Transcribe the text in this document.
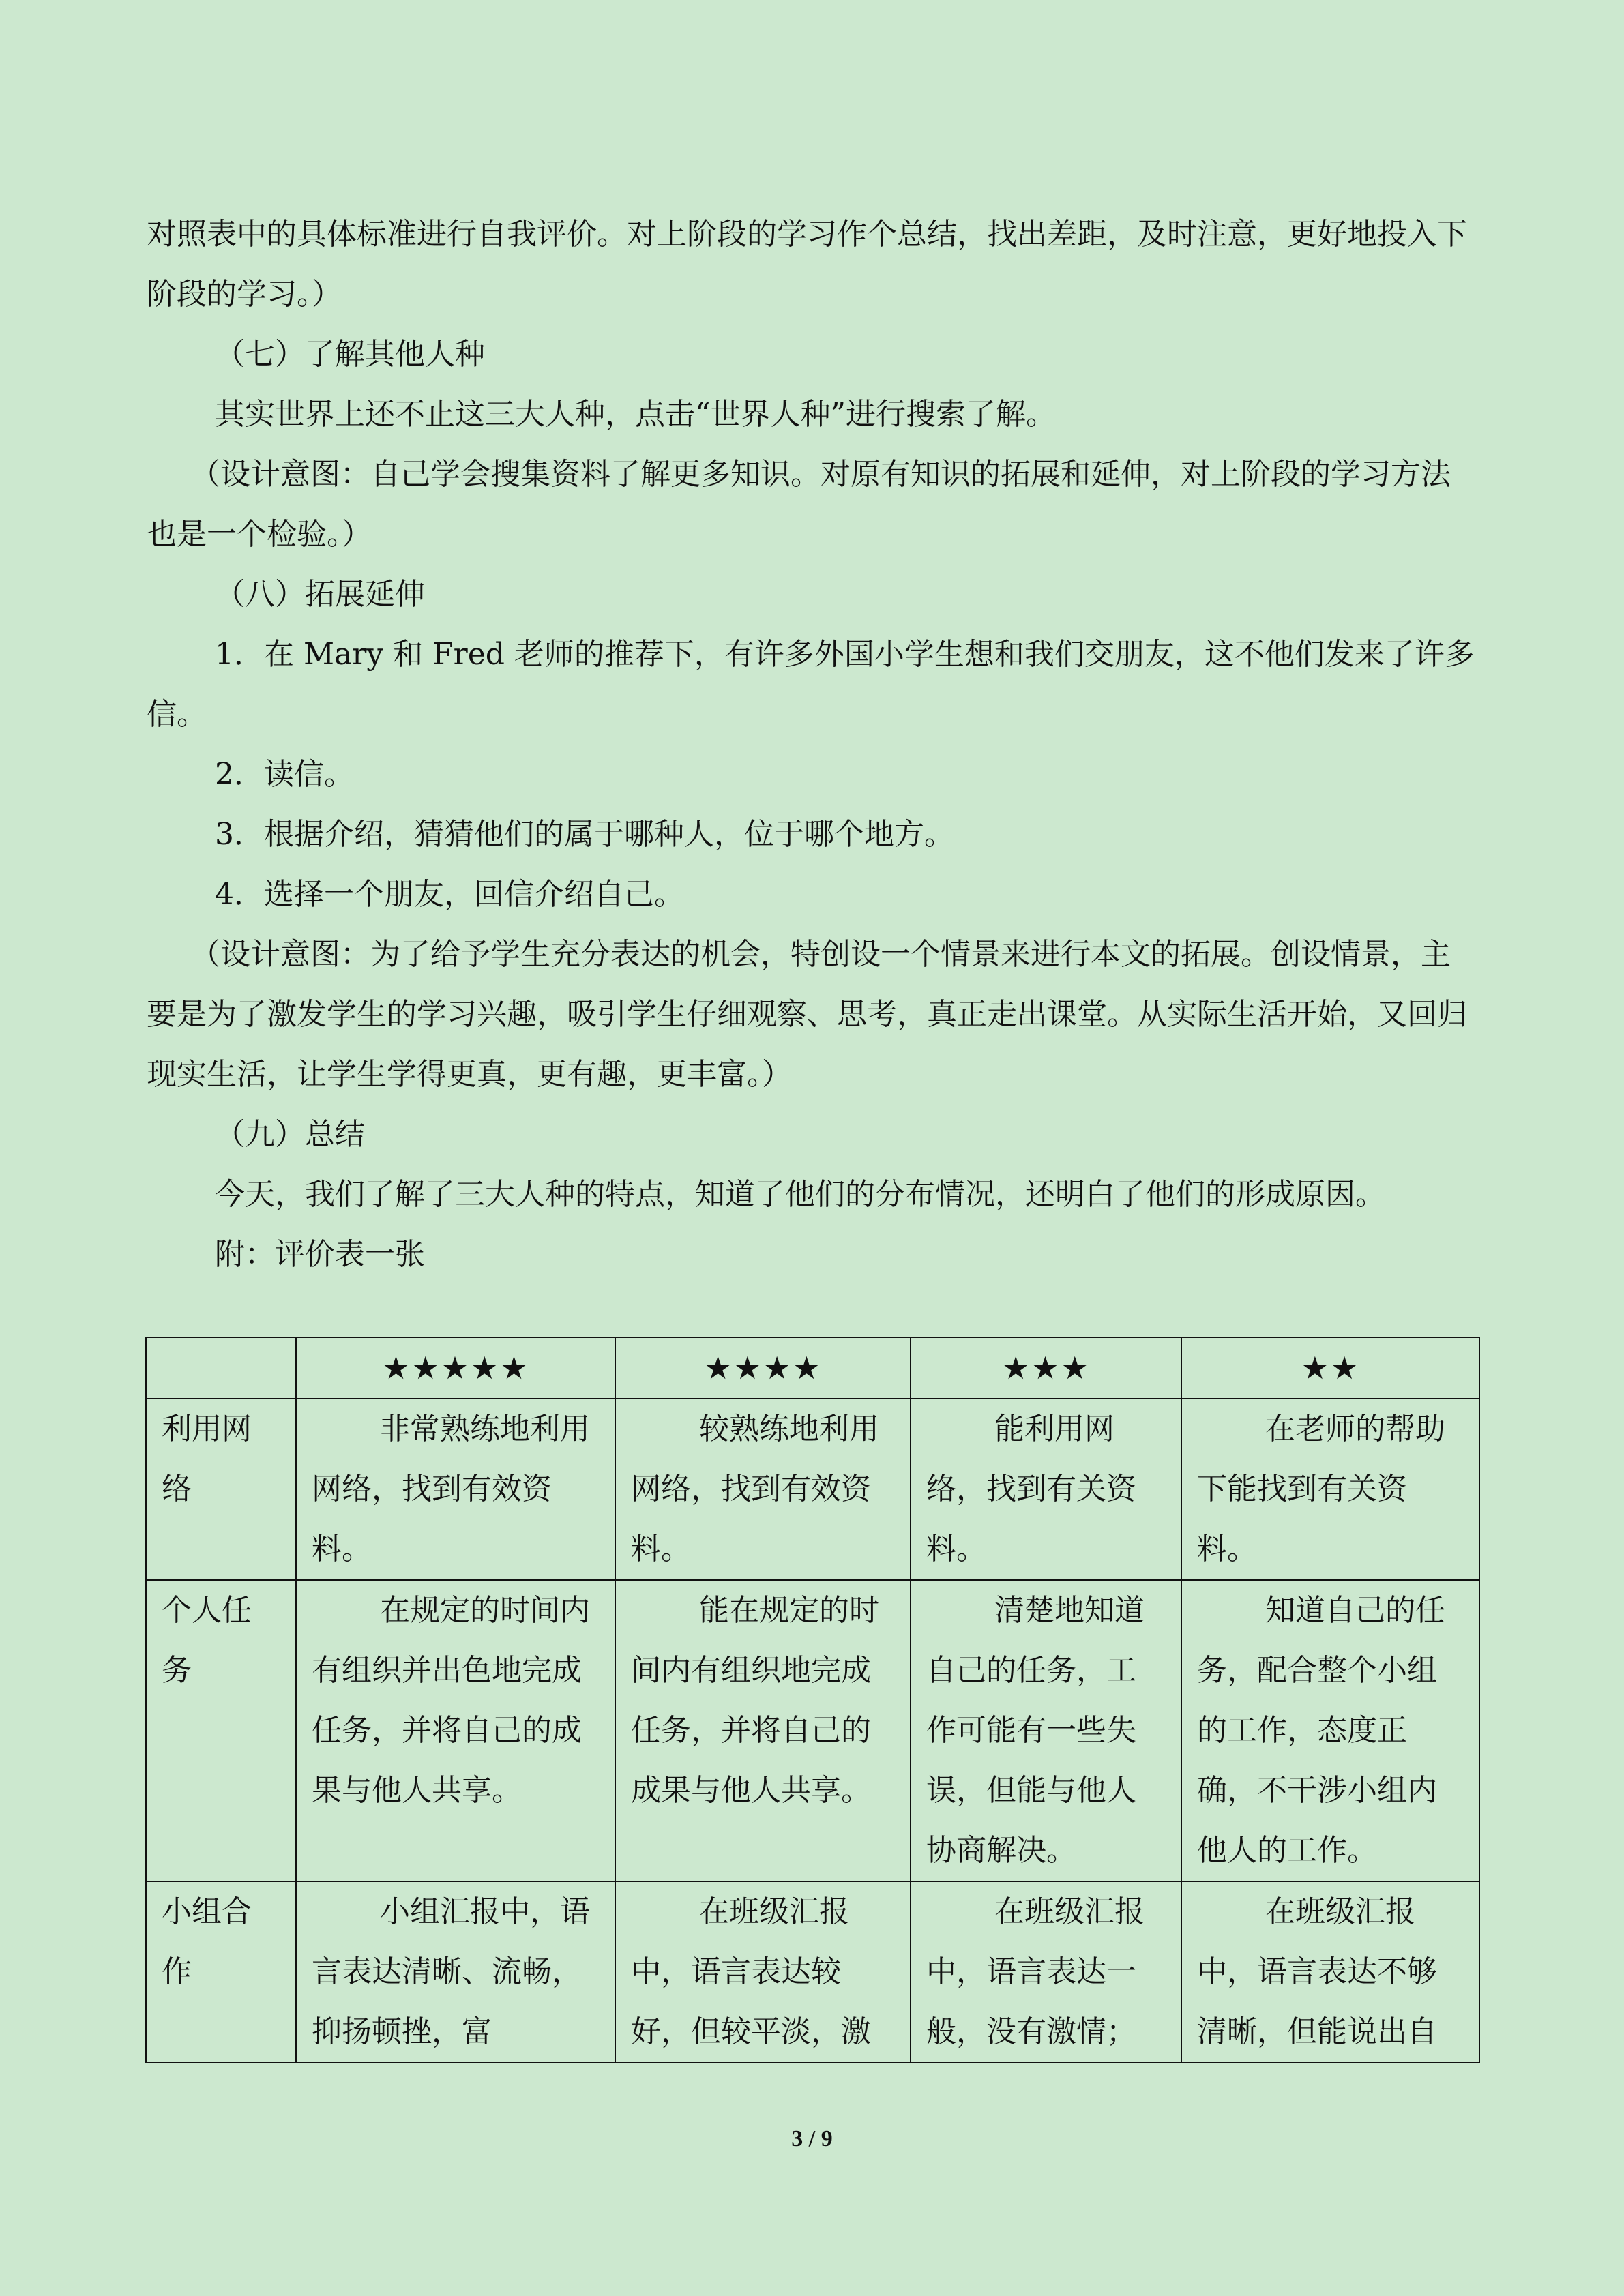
对照表中的具体标准进行自我评价。对上阶段的学习作个总结，找出差距，及时注意，更好地投入下阶段的学习。）

（七）了解其他人种

其实世界上还不止这三大人种，点击“世界人种”进行搜索了解。

（设计意图：自己学会搜集资料了解更多知识。对原有知识的拓展和延伸，对上阶段的学习方法也是一个检验。）

（八）拓展延伸

1．在 Mary 和 Fred 老师的推荐下，有许多外国小学生想和我们交朋友，这不他们发来了许多信。

2．读信。

3．根据介绍，猜猜他们的属于哪种人，位于哪个地方。

4．选择一个朋友，回信介绍自己。

（设计意图：为了给予学生充分表达的机会，特创设一个情景来进行本文的拓展。创设情景，主要是为了激发学生的学习兴趣，吸引学生仔细观察、思考，真正走出课堂。从实际生活开始，又回归现实生活，让学生学得更真，更有趣，更丰富。）

（九）总结

今天，我们了解了三大人种的特点，知道了他们的分布情况，还明白了他们的形成原因。

附：评价表一张

	★★★★★	★★★★	★★★	★★

利用网络	非常熟练地利用网络，找到有效资料。	较熟练地利用网络，找到有效资料。	能利用网络，找到有关资料。	在老师的帮助下能找到有关资料。

个人任务	在规定的时间内有组织并出色地完成任务，并将自己的成果与他人共享。	能在规定的时间内有组织地完成任务，并将自己的成果与他人共享。	清楚地知道自己的任务，工作可能有一些失误，但能与他人协商解决。	知道自己的任务，配合整个小组的工作，态度正确，不干涉小组内他人的工作。

小组合作	小组汇报中，语言表达清晰、流畅，抑扬顿挫，富	在班级汇报中，语言表达较好，但较平淡，激	在班级汇报中，语言表达一般，没有激情；	在班级汇报中，语言表达不够清晰，但能说出自
3 / 9
